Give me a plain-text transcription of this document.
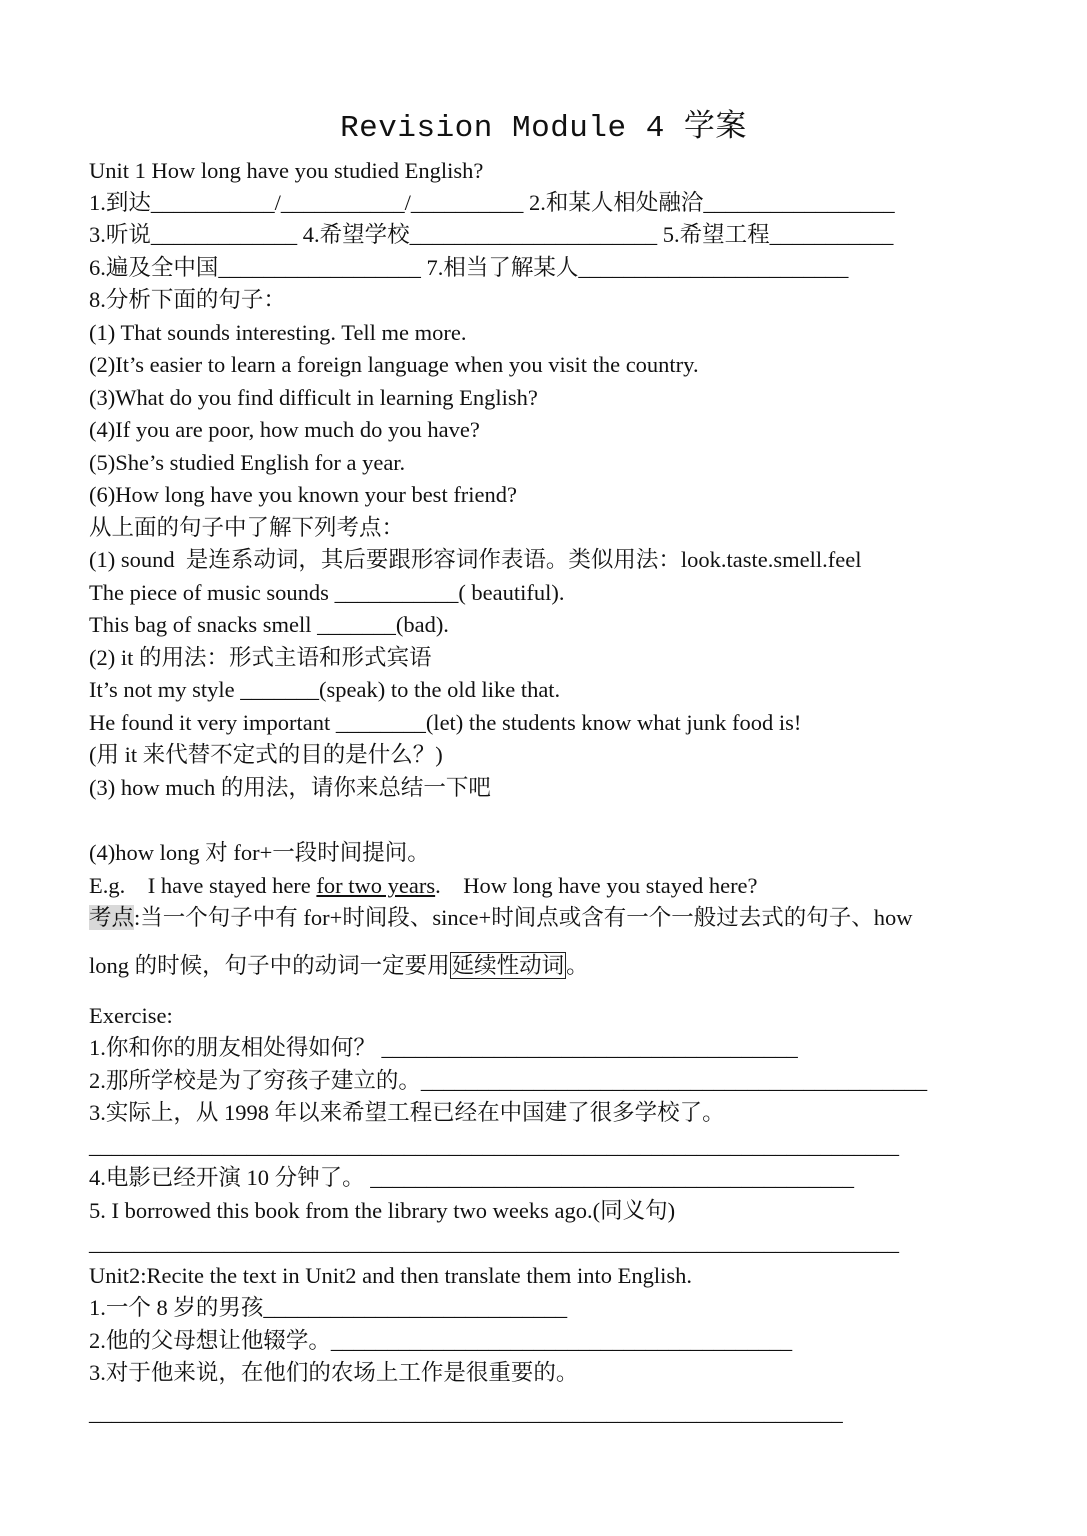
Revision Module 4 学案
Unit 1 How long have you studied English?
1.到达___________/___________/__________ 2.和某人相处融洽_________________
3.听说_____________ 4.希望学校______________________ 5.希望工程___________
6.遍及全中国__________________ 7.相当了解某人________________________
8.分析下面的句子：
(1) That sounds interesting. Tell me more.
(2)It’s easier to learn a foreign language when you visit the country.
(3)What do you find difficult in learning English?
(4)If you are poor, how much do you have?
(5)She’s studied English for a year.
(6)How long have you known your best friend?
从上面的句子中了解下列考点：
(1) sound  是连系动词，其后要跟形容词作表语。类似用法：look.taste.smell.feel
The piece of music sounds ___________( beautiful).
This bag of snacks smell _______(bad).
(2) it 的用法：形式主语和形式宾语
It’s not my style _______(speak) to the old like that.
He found it very important ________(let) the students know what junk food is!
(用 it 来代替不定式的目的是什么？)
(3) how much 的用法，请你来总结一下吧
(4)how long 对 for+一段时间提问。
E.g.    I have stayed here for two years.    How long have you stayed here?
考点:当一个句子中有 for+时间段、since+时间点或含有一个一般过去式的句子、how
long 的时候，句子中的动词一定要用延续性动词。
Exercise:
1.你和你的朋友相处得如何？ _____________________________________
2.那所学校是为了穷孩子建立的。_____________________________________________
3.实际上，从 1998 年以来希望工程已经在中国建了很多学校了。
________________________________________________________________________
4.电影已经开演 10 分钟了。 ___________________________________________
5. I borrowed this book from the library two weeks ago.(同义句)
________________________________________________________________________
Unit2:Recite the text in Unit2 and then translate them into English.
1.一个 8 岁的男孩___________________________
2.他的父母想让他辍学。_________________________________________
3.对于他来说，在他们的农场上工作是很重要的。
___________________________________________________________________
